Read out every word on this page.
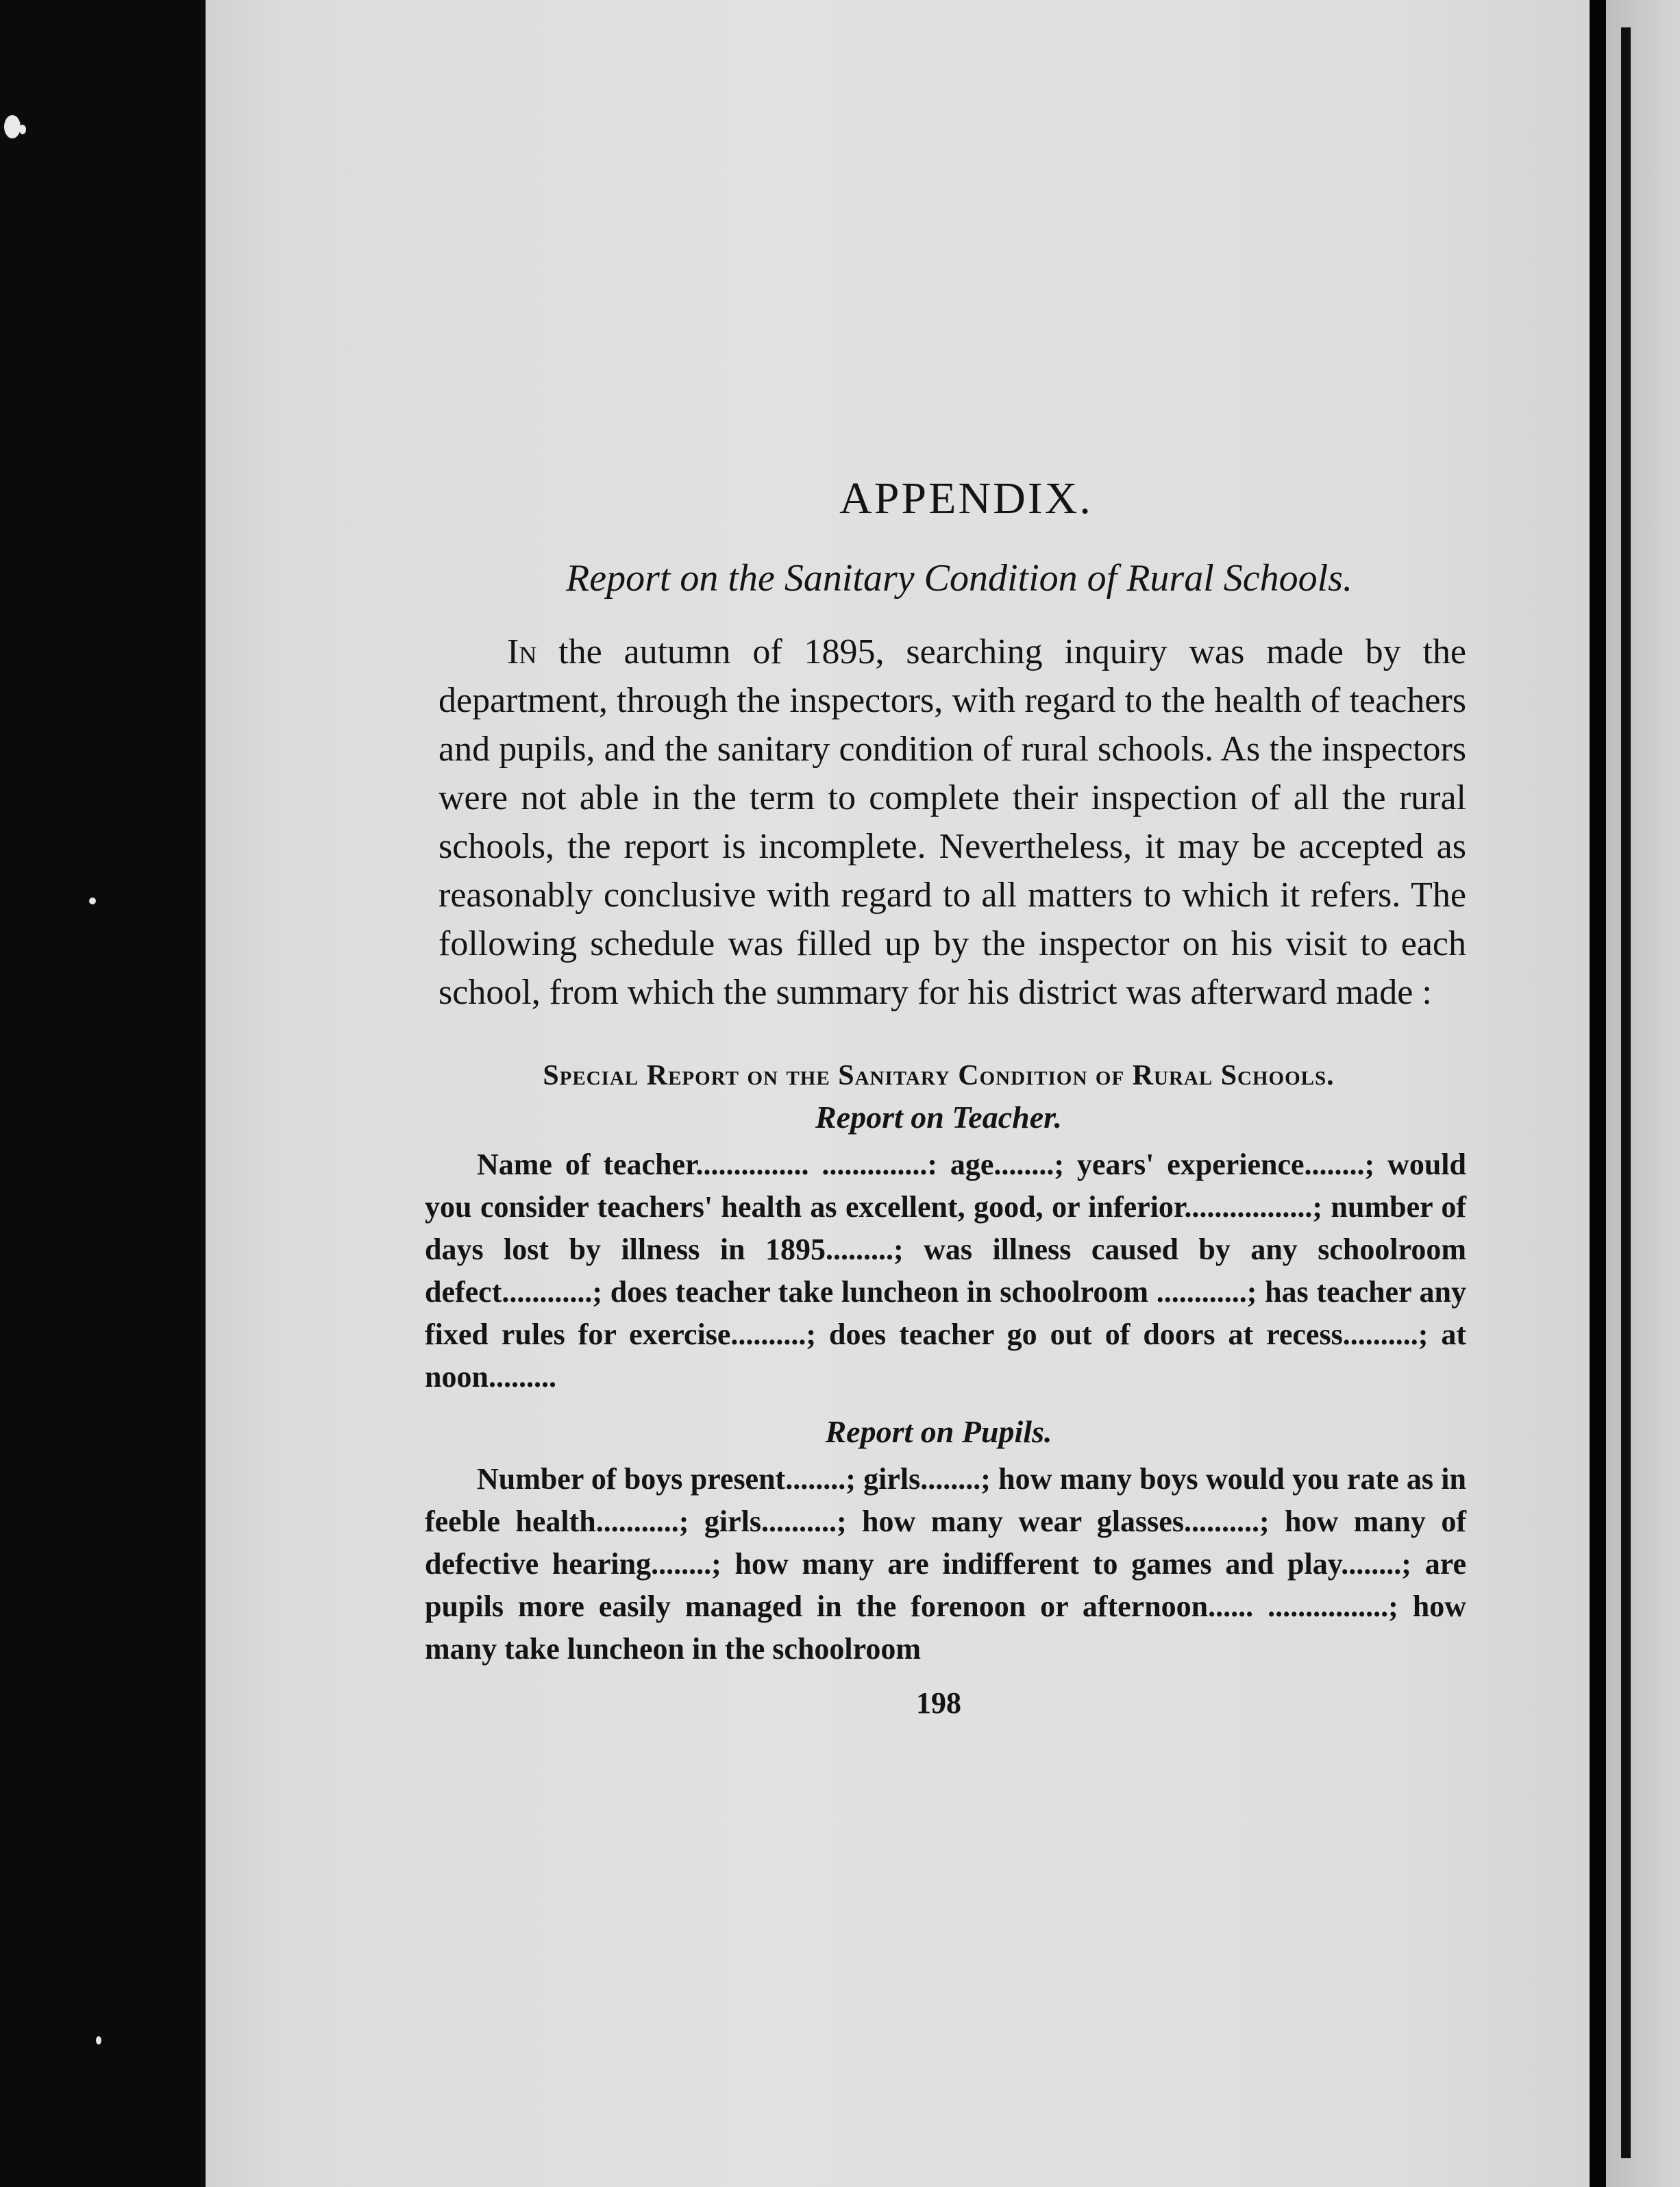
APPENDIX.
Report on the Sanitary Condition of Rural Schools.

In the autumn of 1895, searching inquiry was made by the department, through the inspectors, with regard to the health of teachers and pupils, and the sanitary condition of rural schools. As the inspectors were not able in the term to complete their inspection of all the rural schools, the report is incomplete. Nevertheless, it may be accepted as reasonably conclusive with regard to all matters to which it refers. The following schedule was filled up by the inspector on his visit to each school, from which the summary for his district was afterward made :

Special Report on the Sanitary Condition of Rural Schools.
Report on Teacher.

Name of teacher............... ..............: age........; years' experience........; would you consider teachers' health as excellent, good, or inferior.................; number of days lost by illness in 1895.........; was illness caused by any schoolroom defect............; does teacher take luncheon in schoolroom ............; has teacher any fixed rules for exercise..........; does teacher go out of doors at recess..........; at noon.........

Report on Pupils.

Number of boys present........; girls........; how many boys would you rate as in feeble health...........; girls..........; how many wear glasses..........; how many of defective hearing........; how many are indifferent to games and play........; are pupils more easily managed in the forenoon or afternoon...... ................; how many take luncheon in the schoolroom

198
